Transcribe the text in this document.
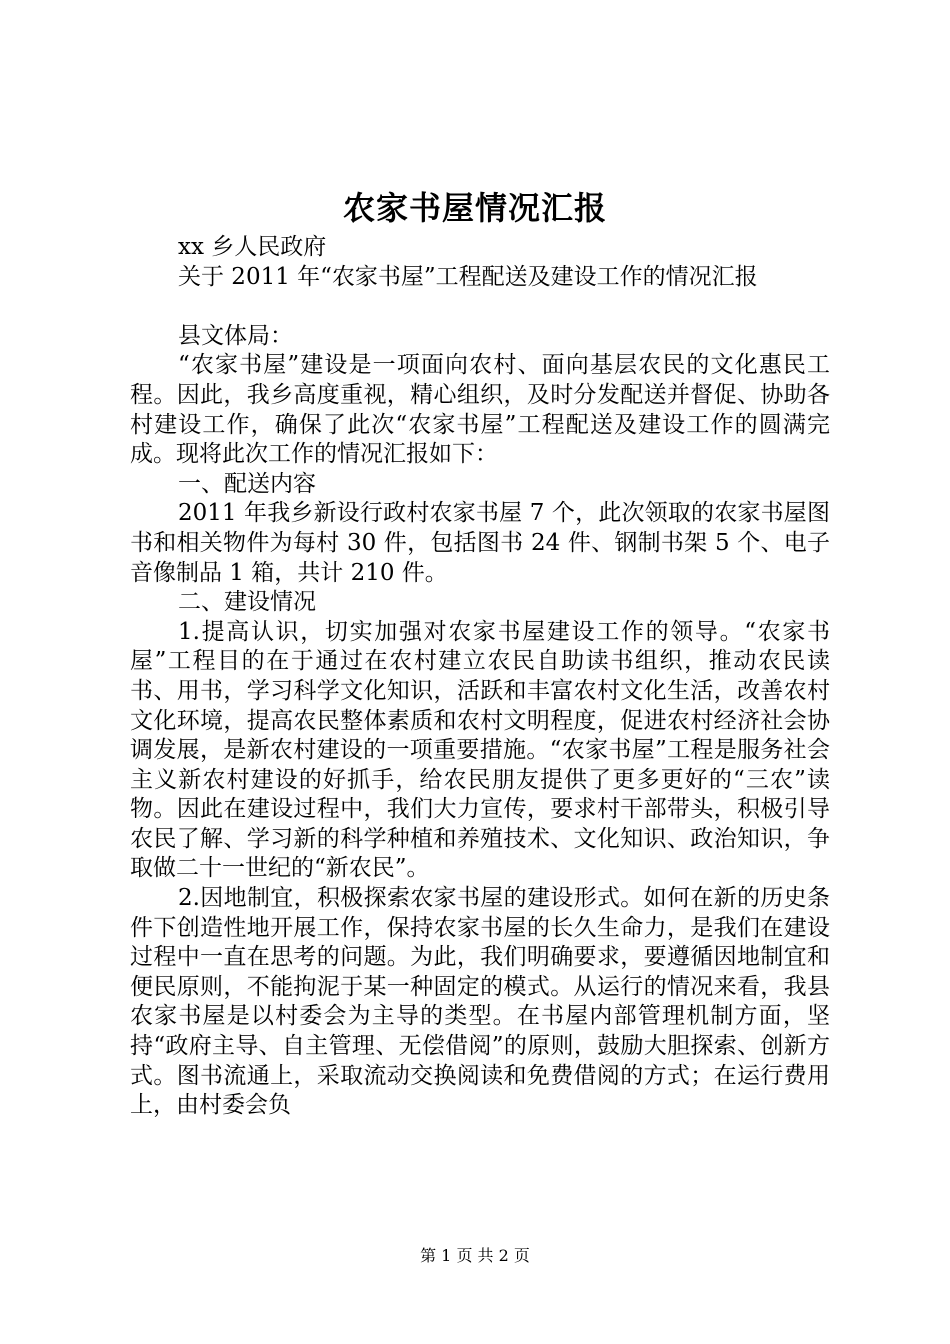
农家书屋情况汇报

xx 乡人民政府

关于 2011 年“农家书屋”工程配送及建设工作的情况汇报

县文体局：

“农家书屋”建设是一项面向农村、面向基层农民的文化惠民工程。因此，我乡高度重视，精心组织，及时分发配送并督促、协助各村建设工作，确保了此次“农家书屋”工程配送及建设工作的圆满完成。现将此次工作的情况汇报如下：

一、配送内容

2011 年我乡新设行政村农家书屋 7 个，此次领取的农家书屋图书和相关物件为每村 30 件，包括图书 24 件、钢制书架 5 个、电子音像制品 1 箱，共计 210 件。

二、建设情况

1.提高认识，切实加强对农家书屋建设工作的领导。“农家书屋”工程目的在于通过在农村建立农民自助读书组织，推动农民读书、用书，学习科学文化知识，活跃和丰富农村文化生活，改善农村文化环境，提高农民整体素质和农村文明程度，促进农村经济社会协调发展，是新农村建设的一项重要措施。“农家书屋”工程是服务社会主义新农村建设的好抓手，给农民朋友提供了更多更好的“三农”读物。因此在建设过程中，我们大力宣传，要求村干部带头，积极引导农民了解、学习新的科学种植和养殖技术、文化知识、政治知识，争取做二十一世纪的“新农民”。

2.因地制宜，积极探索农家书屋的建设形式。如何在新的历史条件下创造性地开展工作，保持农家书屋的长久生命力，是我们在建设过程中一直在思考的问题。为此，我们明确要求，要遵循因地制宜和便民原则，不能拘泥于某一种固定的模式。从运行的情况来看，我县农家书屋是以村委会为主导的类型。在书屋内部管理机制方面，坚持“政府主导、自主管理、无偿借阅”的原则，鼓励大胆探索、创新方式。图书流通上，采取流动交换阅读和免费借阅的方式；在运行费用上，由村委会负

第 1 页 共 2 页
